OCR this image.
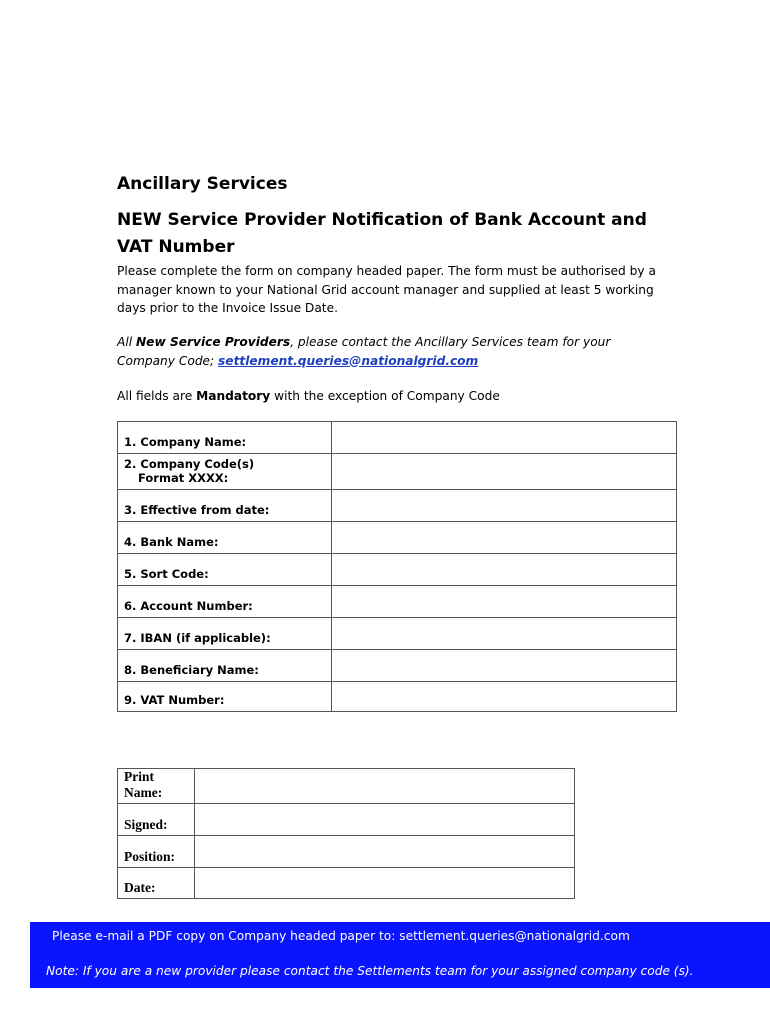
Ancillary Services
NEW Service Provider Notification of Bank Account and VAT Number

Please complete the form on company headed paper. The form must be authorised by a manager known to your National Grid account manager and supplied at least 5 working days prior to the Invoice Issue Date.

All New Service Providers, please contact the Ancillary Services team for your Company Code; settlement.queries@nationalgrid.com

All fields are Mandatory with the exception of Company Code

1. Company Name:	

2. Company Code(s)
Format XXXX:	
3. Effective from date:	
4. Bank Name:	
5. Sort Code:	
6. Account Number:	
7. IBAN (if applicable):	
8. Beneficiary Name:	
9. VAT Number:	
Print
Name:	

Signed:	
Position:	
Date:	

Please e-mail a PDF copy on Company headed paper to: settlement.queries@nationalgrid.com

Note: If you are a new provider please contact the Settlements team for your assigned company code (s).
